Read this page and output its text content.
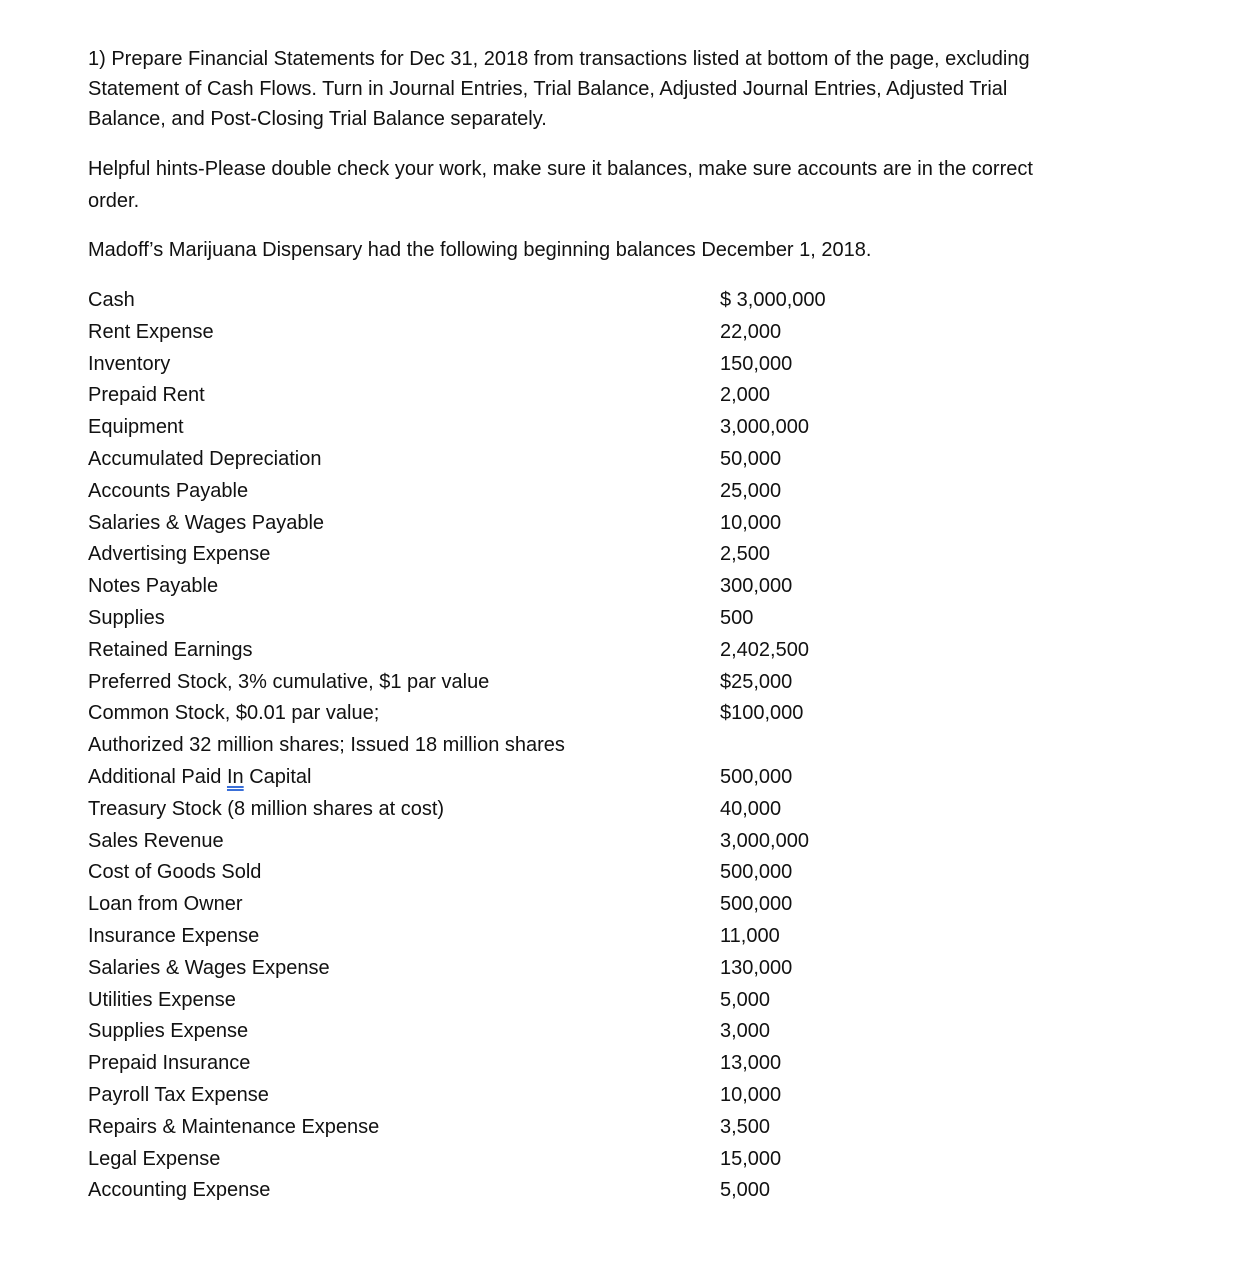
1) Prepare Financial Statements for Dec 31, 2018 from transactions listed at bottom of the page, excluding Statement of Cash Flows. Turn in Journal Entries, Trial Balance, Adjusted Journal Entries, Adjusted Trial Balance, and Post-Closing Trial Balance separately.

Helpful hints-Please double check your work, make sure it balances, make sure accounts are in the correct order.

Madoff’s Marijuana Dispensary had the following beginning balances December 1, 2018.

Cash	$ 3,000,000
Rent Expense	22,000
Inventory	150,000
Prepaid Rent	2,000
Equipment	3,000,000
Accumulated Depreciation	50,000
Accounts Payable	25,000
Salaries & Wages Payable	10,000
Advertising Expense	2,500
Notes Payable	300,000
Supplies	500
Retained Earnings	2,402,500
Preferred Stock, 3% cumulative, $1 par value	$25,000
Common Stock, $0.01 par value;	$100,000
Authorized 32 million shares; Issued 18 million shares
Additional Paid In Capital	500,000
Treasury Stock (8 million shares at cost)	40,000
Sales Revenue	3,000,000
Cost of Goods Sold	500,000
Loan from Owner	500,000
Insurance Expense	11,000
Salaries & Wages Expense	130,000
Utilities Expense	5,000
Supplies Expense	3,000
Prepaid Insurance	13,000
Payroll Tax Expense	10,000
Repairs & Maintenance Expense	3,500
Legal Expense	15,000
Accounting Expense	5,000
